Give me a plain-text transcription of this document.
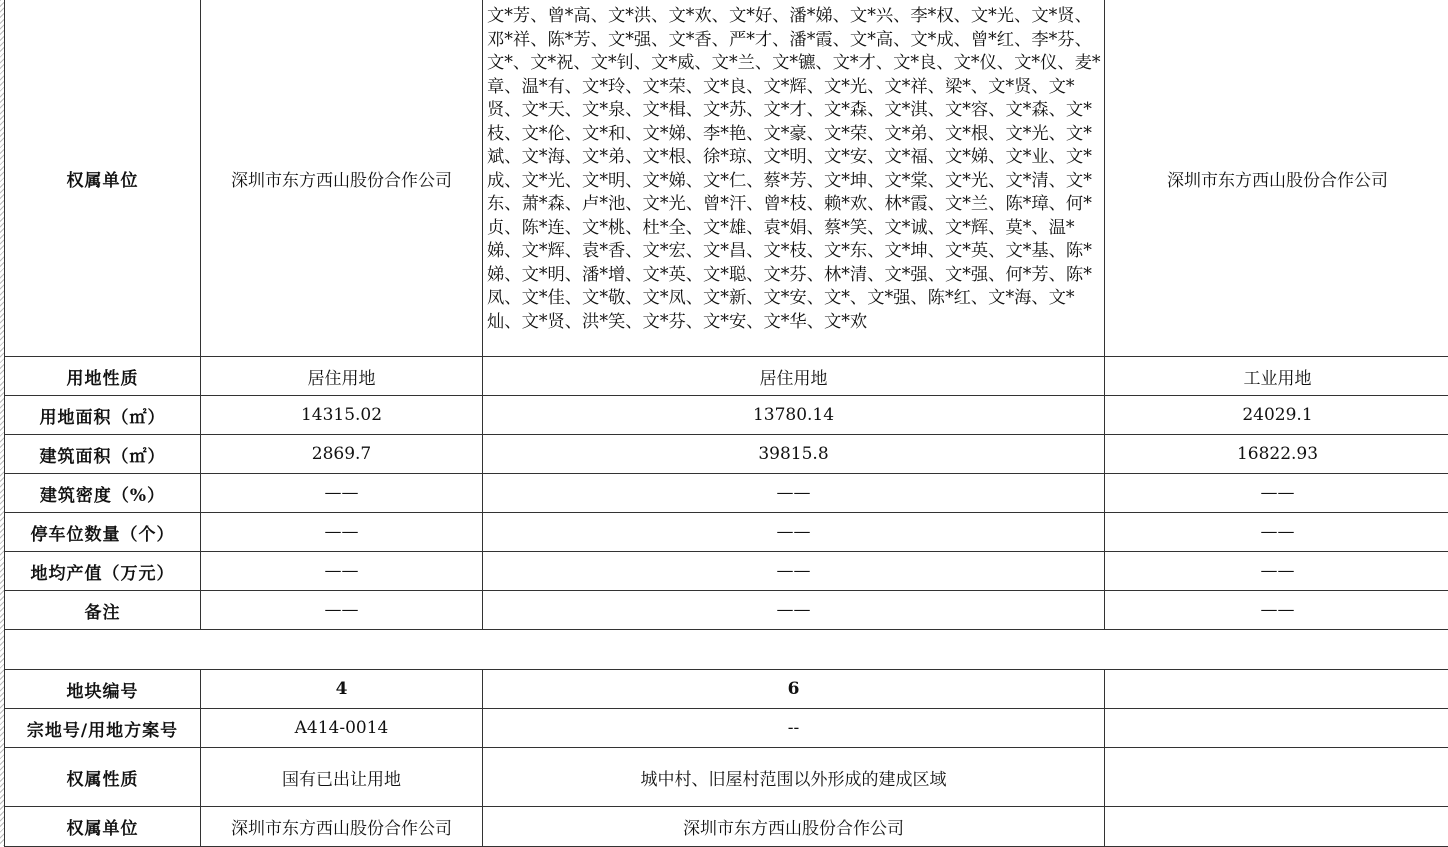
权属单位	深圳市东方西山股份合作公司	文*芳、曾*高、文*洪、文*欢、文*好、潘*娣、文*兴、李*权、文*光、文*贤、邓*祥、陈*芳、文*强、文*香、严*才、潘*霞、文*高、文*成、曾*红、李*芬、文*、文*祝、文*钊、文*威、文*兰、文*镳、文*才、文*良、文*仪、文*仪、麦*章、温*有、文*玲、文*荣、文*良、文*辉、文*光、文*祥、梁*、文*贤、文*贤、文*天、文*泉、文*楫、文*苏、文*才、文*森、文*淇、文*容、文*森、文*枝、文*伦、文*和、文*娣、李*艳、文*豪、文*荣、文*弟、文*根、文*光、文*斌、文*海、文*弟、文*根、徐*琼、文*明、文*安、文*福、文*娣、文*业、文*成、文*光、文*明、文*娣、文*仁、蔡*芳、文*坤、文*棠、文*光、文*清、文*东、萧*森、卢*池、文*光、曾*汗、曾*枝、赖*欢、林*霞、文*兰、陈*璋、何*贞、陈*连、文*桃、杜*全、文*雄、袁*娟、蔡*笑、文*诚、文*辉、莫*、温*娣、文*辉、袁*香、文*宏、文*昌、文*枝、文*东、文*坤、文*英、文*基、陈*娣、文*明、潘*增、文*英、文*聪、文*芬、林*清、文*强、文*强、何*芳、陈*凤、文*佳、文*敬、文*凤、文*新、文*安、文*、文*强、陈*红、文*海、文*灿、文*贤、洪*笑、文*芬、文*安、文*华、文*欢	深圳市东方西山股份合作公司
用地性质	居住用地	居住用地	工业用地
用地面积（㎡）	14315.02	13780.14	24029.1
建筑面积（㎡）	2869.7	39815.8	16822.93
建筑密度（%）	——	——	——
停车位数量（个）	——	——	——
地均产值（万元）	——	——	——
备注	——	——	——

地块编号	4	6	
宗地号/用地方案号	A414-0014	--	
权属性质	国有已出让用地	城中村、旧屋村范围以外形成的建成区域	
权属单位	深圳市东方西山股份合作公司	深圳市东方西山股份合作公司	
